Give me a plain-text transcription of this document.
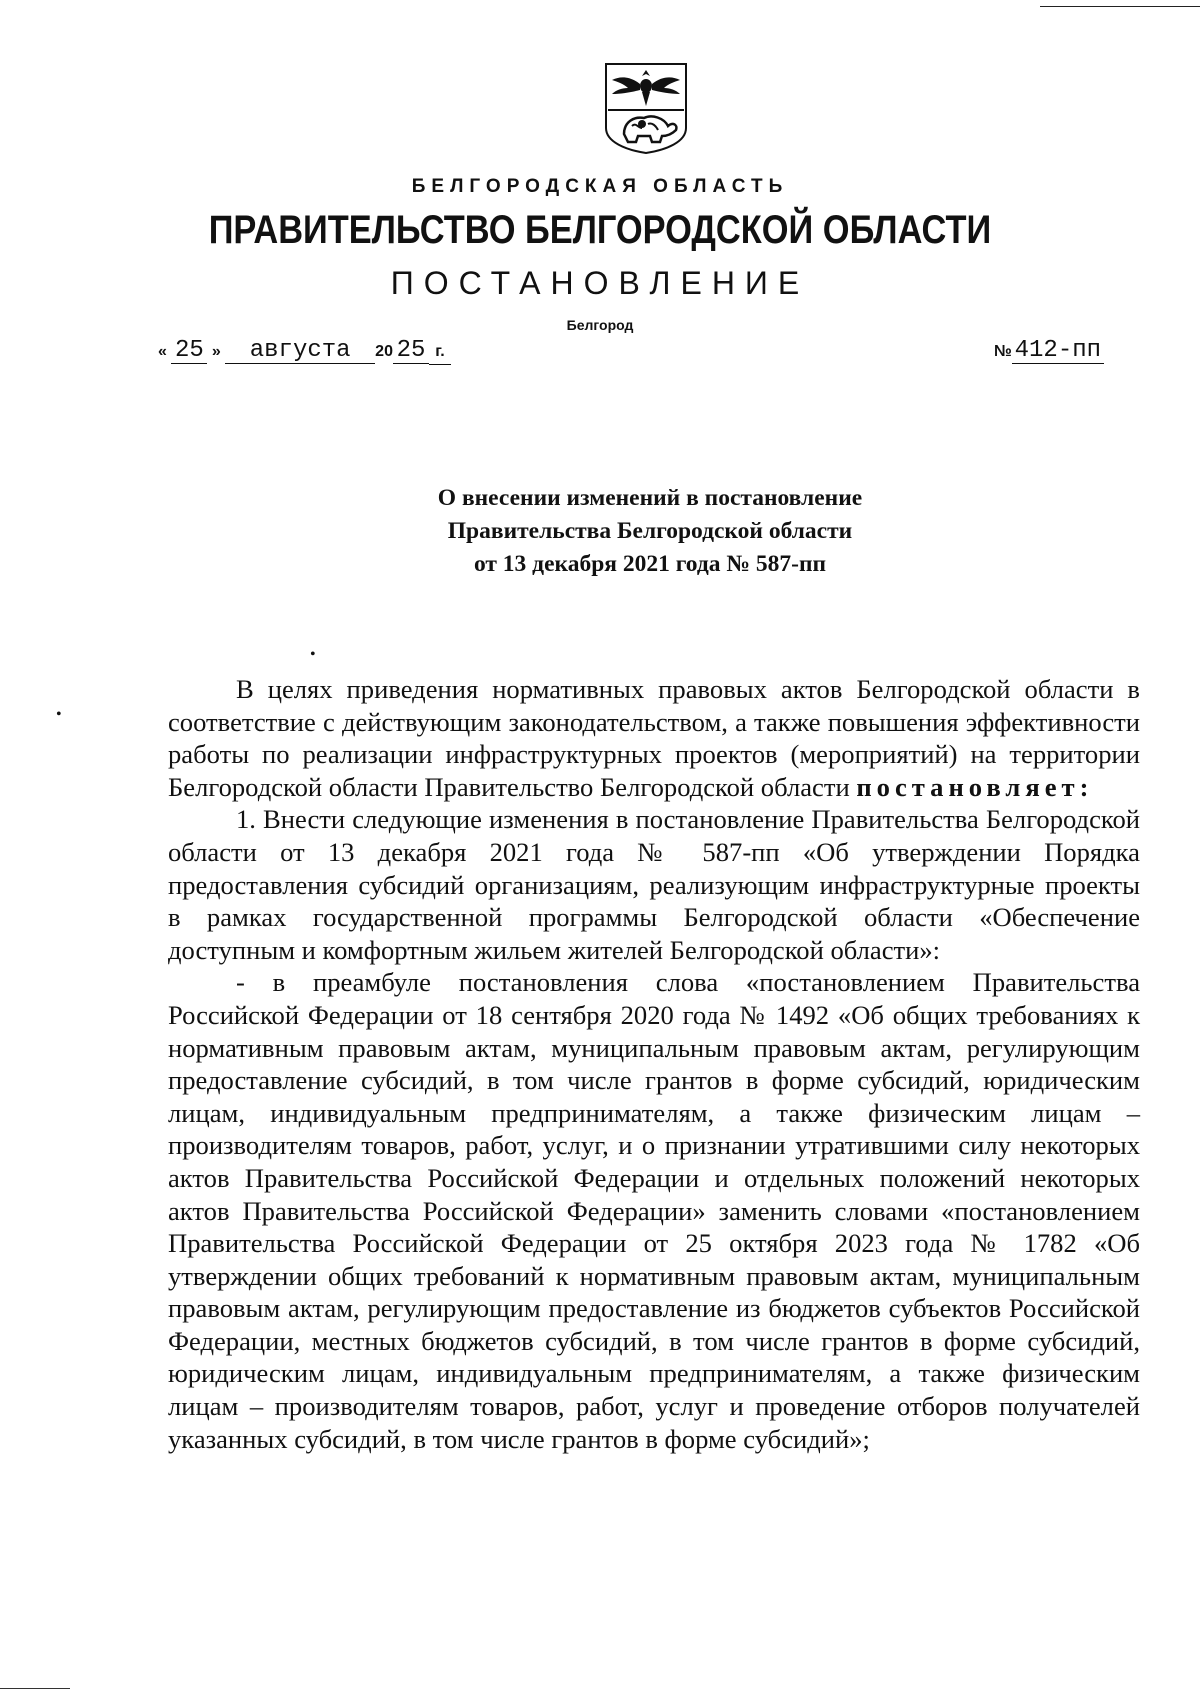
БЕЛГОРОДСКАЯ ОБЛАСТЬ
ПРАВИТЕЛЬСТВО БЕЛГОРОДСКОЙ ОБЛАСТИ
ПОСТАНОВЛЕНИЕ
Белгород
« 25 » августа 20 25 г.	№ 412-пп
О внесении изменений в постановление
Правительства Белгородской области
от 13 декабря 2021 года № 587-пп
•
•

В целях приведения нормативных правовых актов Белгородской области в соответствие с действующим законодательством, а также повышения эффективности работы по реализации инфраструктурных проектов (мероприятий) на территории Белгородской области Правительство Белгородской области постановляет:

1. Внести следующие изменения в постановление Правительства Белгородской области от 13 декабря 2021 года № 587-пп «Об утверждении Порядка предоставления субсидий организациям, реализующим инфраструктурные проекты в рамках государственной программы Белгородской области «Обеспечение доступным и комфортным жильем жителей Белгородской области»:

- в преамбуле постановления слова «постановлением Правительства Российской Федерации от 18 сентября 2020 года № 1492 «Об общих требованиях к нормативным правовым актам, муниципальным правовым актам, регулирующим предоставление субсидий, в том числе грантов в форме субсидий, юридическим лицам, индивидуальным предпринимателям, а также физическим лицам – производителям товаров, работ, услуг, и о признании утратившими силу некоторых актов Правительства Российской Федерации и отдельных положений некоторых актов Правительства Российской Федерации» заменить словами «постановлением Правительства Российской Федерации от 25 октября 2023 года № 1782 «Об утверждении общих требований к нормативным правовым актам, муниципальным правовым актам, регулирующим предоставление из бюджетов субъектов Российской Федерации, местных бюджетов субсидий, в том числе грантов в форме субсидий, юридическим лицам, индивидуальным предпринимателям, а также физическим лицам – производителям товаров, работ, услуг и проведение отборов получателей указанных субсидий, в том числе грантов в форме субсидий»;
